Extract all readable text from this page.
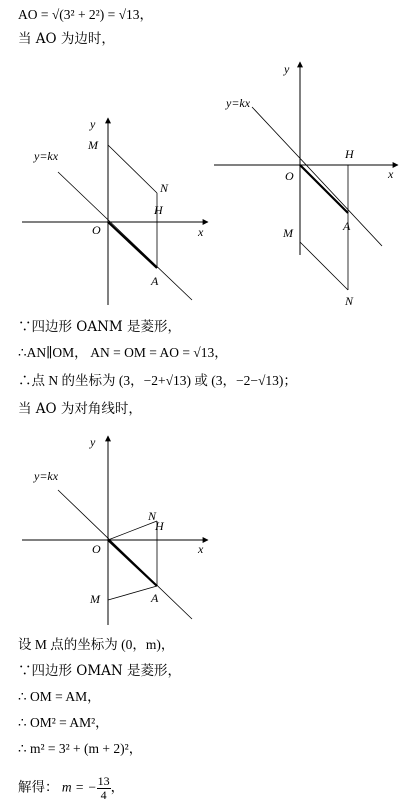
AO = √(3² + 2²) = √13，
当 AO 为边时，
y
x
y=kx
O
M
N
H
A
y
x
y=kx
O
M
N
H
A
∵四边形 OANM 是菱形，
∴AN∥OM， AN = OM = AO = √13，
∴点 N 的坐标为 (3，−2+√13) 或 (3，−2−√13)；
当 AO 为对角线时，
y
x
y=kx
O
M
N
H
A
设 M 点的坐标为 (0，m)，
∵四边形 OMAN 是菱形，
∴ OM = AM，
∴ OM² = AM²，
∴ m² = 3² + (m + 2)²，
解得： m = − $\frac{13}{4}$ ，
